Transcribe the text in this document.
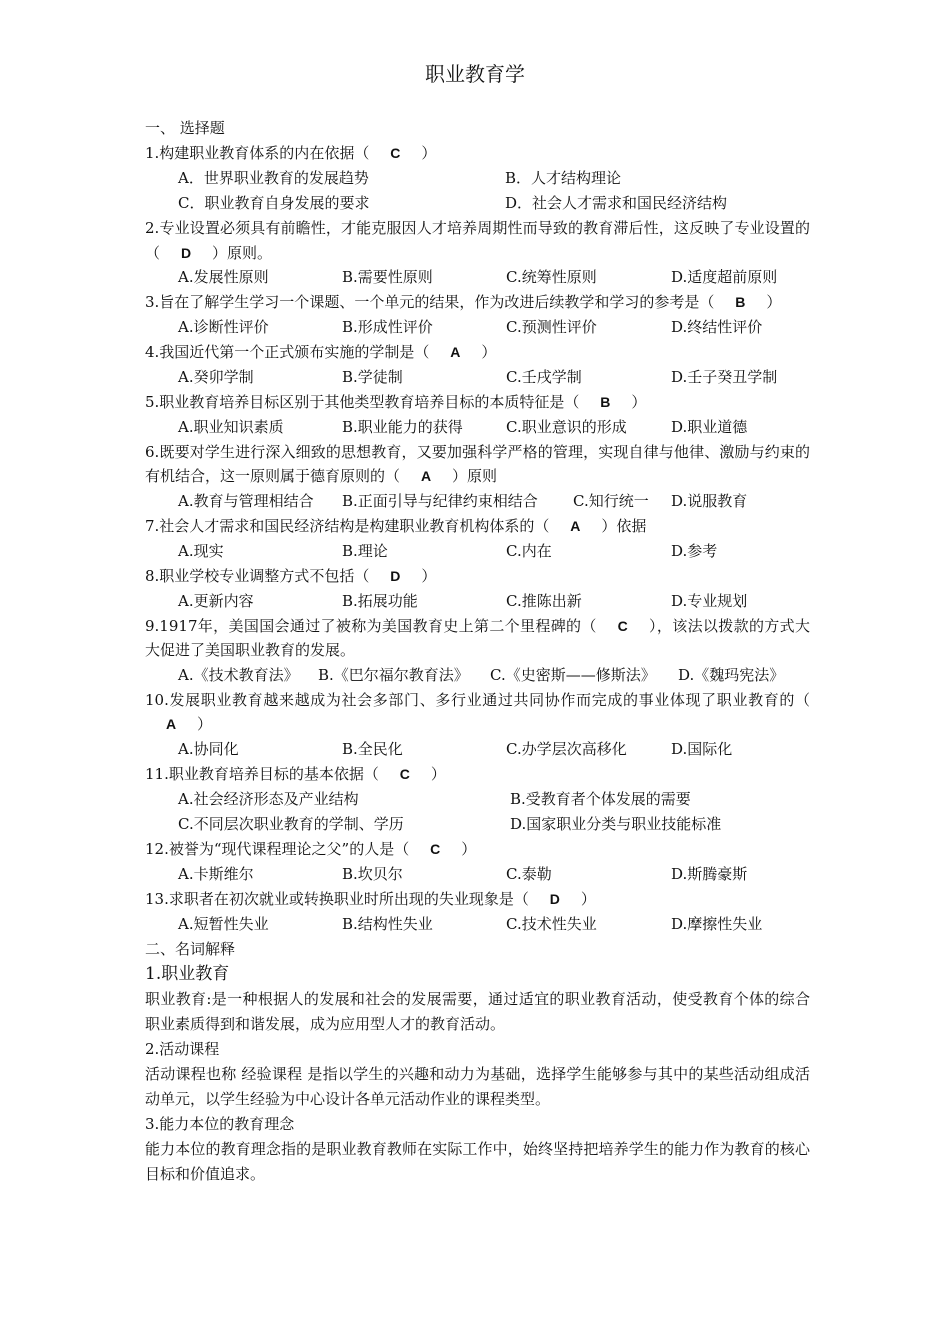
职业教育学
一、 选择题
1.构建职业教育体系的内在依据（ C ）
A．世界职业教育的发展趋势	B．人才结构理论
C．职业教育自身发展的要求	D．社会人才需求和国民经济结构
2.专业设置必须具有前瞻性，才能克服因人才培养周期性而导致的教育滞后性，这反映了专业设置的（ D ）原则。
A.发展性原则	B.需要性原则	C.统筹性原则	D.适度超前原则
3.旨在了解学生学习一个课题、一个单元的结果，作为改进后续教学和学习的参考是（ B ）
A.诊断性评价	B.形成性评价	C.预测性评价	D.终结性评价
4.我国近代第一个正式颁布实施的学制是（ A ）
A.癸卯学制	B.学徒制	C.壬戌学制	D.壬子癸丑学制
5.职业教育培养目标区别于其他类型教育培养目标的本质特征是（ B ）
A.职业知识素质	B.职业能力的获得	C.职业意识的形成	D.职业道德
6.既要对学生进行深入细致的思想教育，又要加强科学严格的管理，实现自律与他律、激励与约束的有机结合，这一原则属于德育原则的（ A ）原则
A.教育与管理相结合 B.正面引导与纪律约束相结合 C.知行统一 D.说服教育
7.社会人才需求和国民经济结构是构建职业教育机构体系的（ A ）依据
A.现实	B.理论	C.内在	D.参考
8.职业学校专业调整方式不包括（ D ）
A.更新内容	B.拓展功能	C.推陈出新	D.专业规划
9.1917年，美国国会通过了被称为美国教育史上第二个里程碑的（ C ），该法以拨款的方式大大促进了美国职业教育的发展。
A.《技术教育法》 B.《巴尔福尔教育法》 C.《史密斯——修斯法》 D.《魏玛宪法》
10.发展职业教育越来越成为社会多部门、多行业通过共同协作而完成的事业体现了职业教育的（A ）
A.协同化	B.全民化	C.办学层次高移化	D.国际化
11.职业教育培养目标的基本依据（ C ）
A.社会经济形态及产业结构	B.受教育者个体发展的需要
C.不同层次职业教育的学制、学历	D.国家职业分类与职业技能标准
12.被誉为“现代课程理论之父”的人是（ C ）
A.卡斯维尔	B.坎贝尔	C.泰勒	D.斯腾豪斯
13.求职者在初次就业或转换职业时所出现的失业现象是（ D ）
A.短暂性失业	B.结构性失业	C.技术性失业	D.摩擦性失业
二、名词解释
1.职业教育
职业教育:是一种根据人的发展和社会的发展需要，通过适宜的职业教育活动，使受教育个体的综合职业素质得到和谐发展，成为应用型人才的教育活动。
2.活动课程
活动课程也称 经验课程 是指以学生的兴趣和动力为基础，选择学生能够参与其中的某些活动组成活动单元，以学生经验为中心设计各单元活动作业的课程类型。
3.能力本位的教育理念
能力本位的教育理念指的是职业教育教师在实际工作中，始终坚持把培养学生的能力作为教育的核心目标和价值追求。
